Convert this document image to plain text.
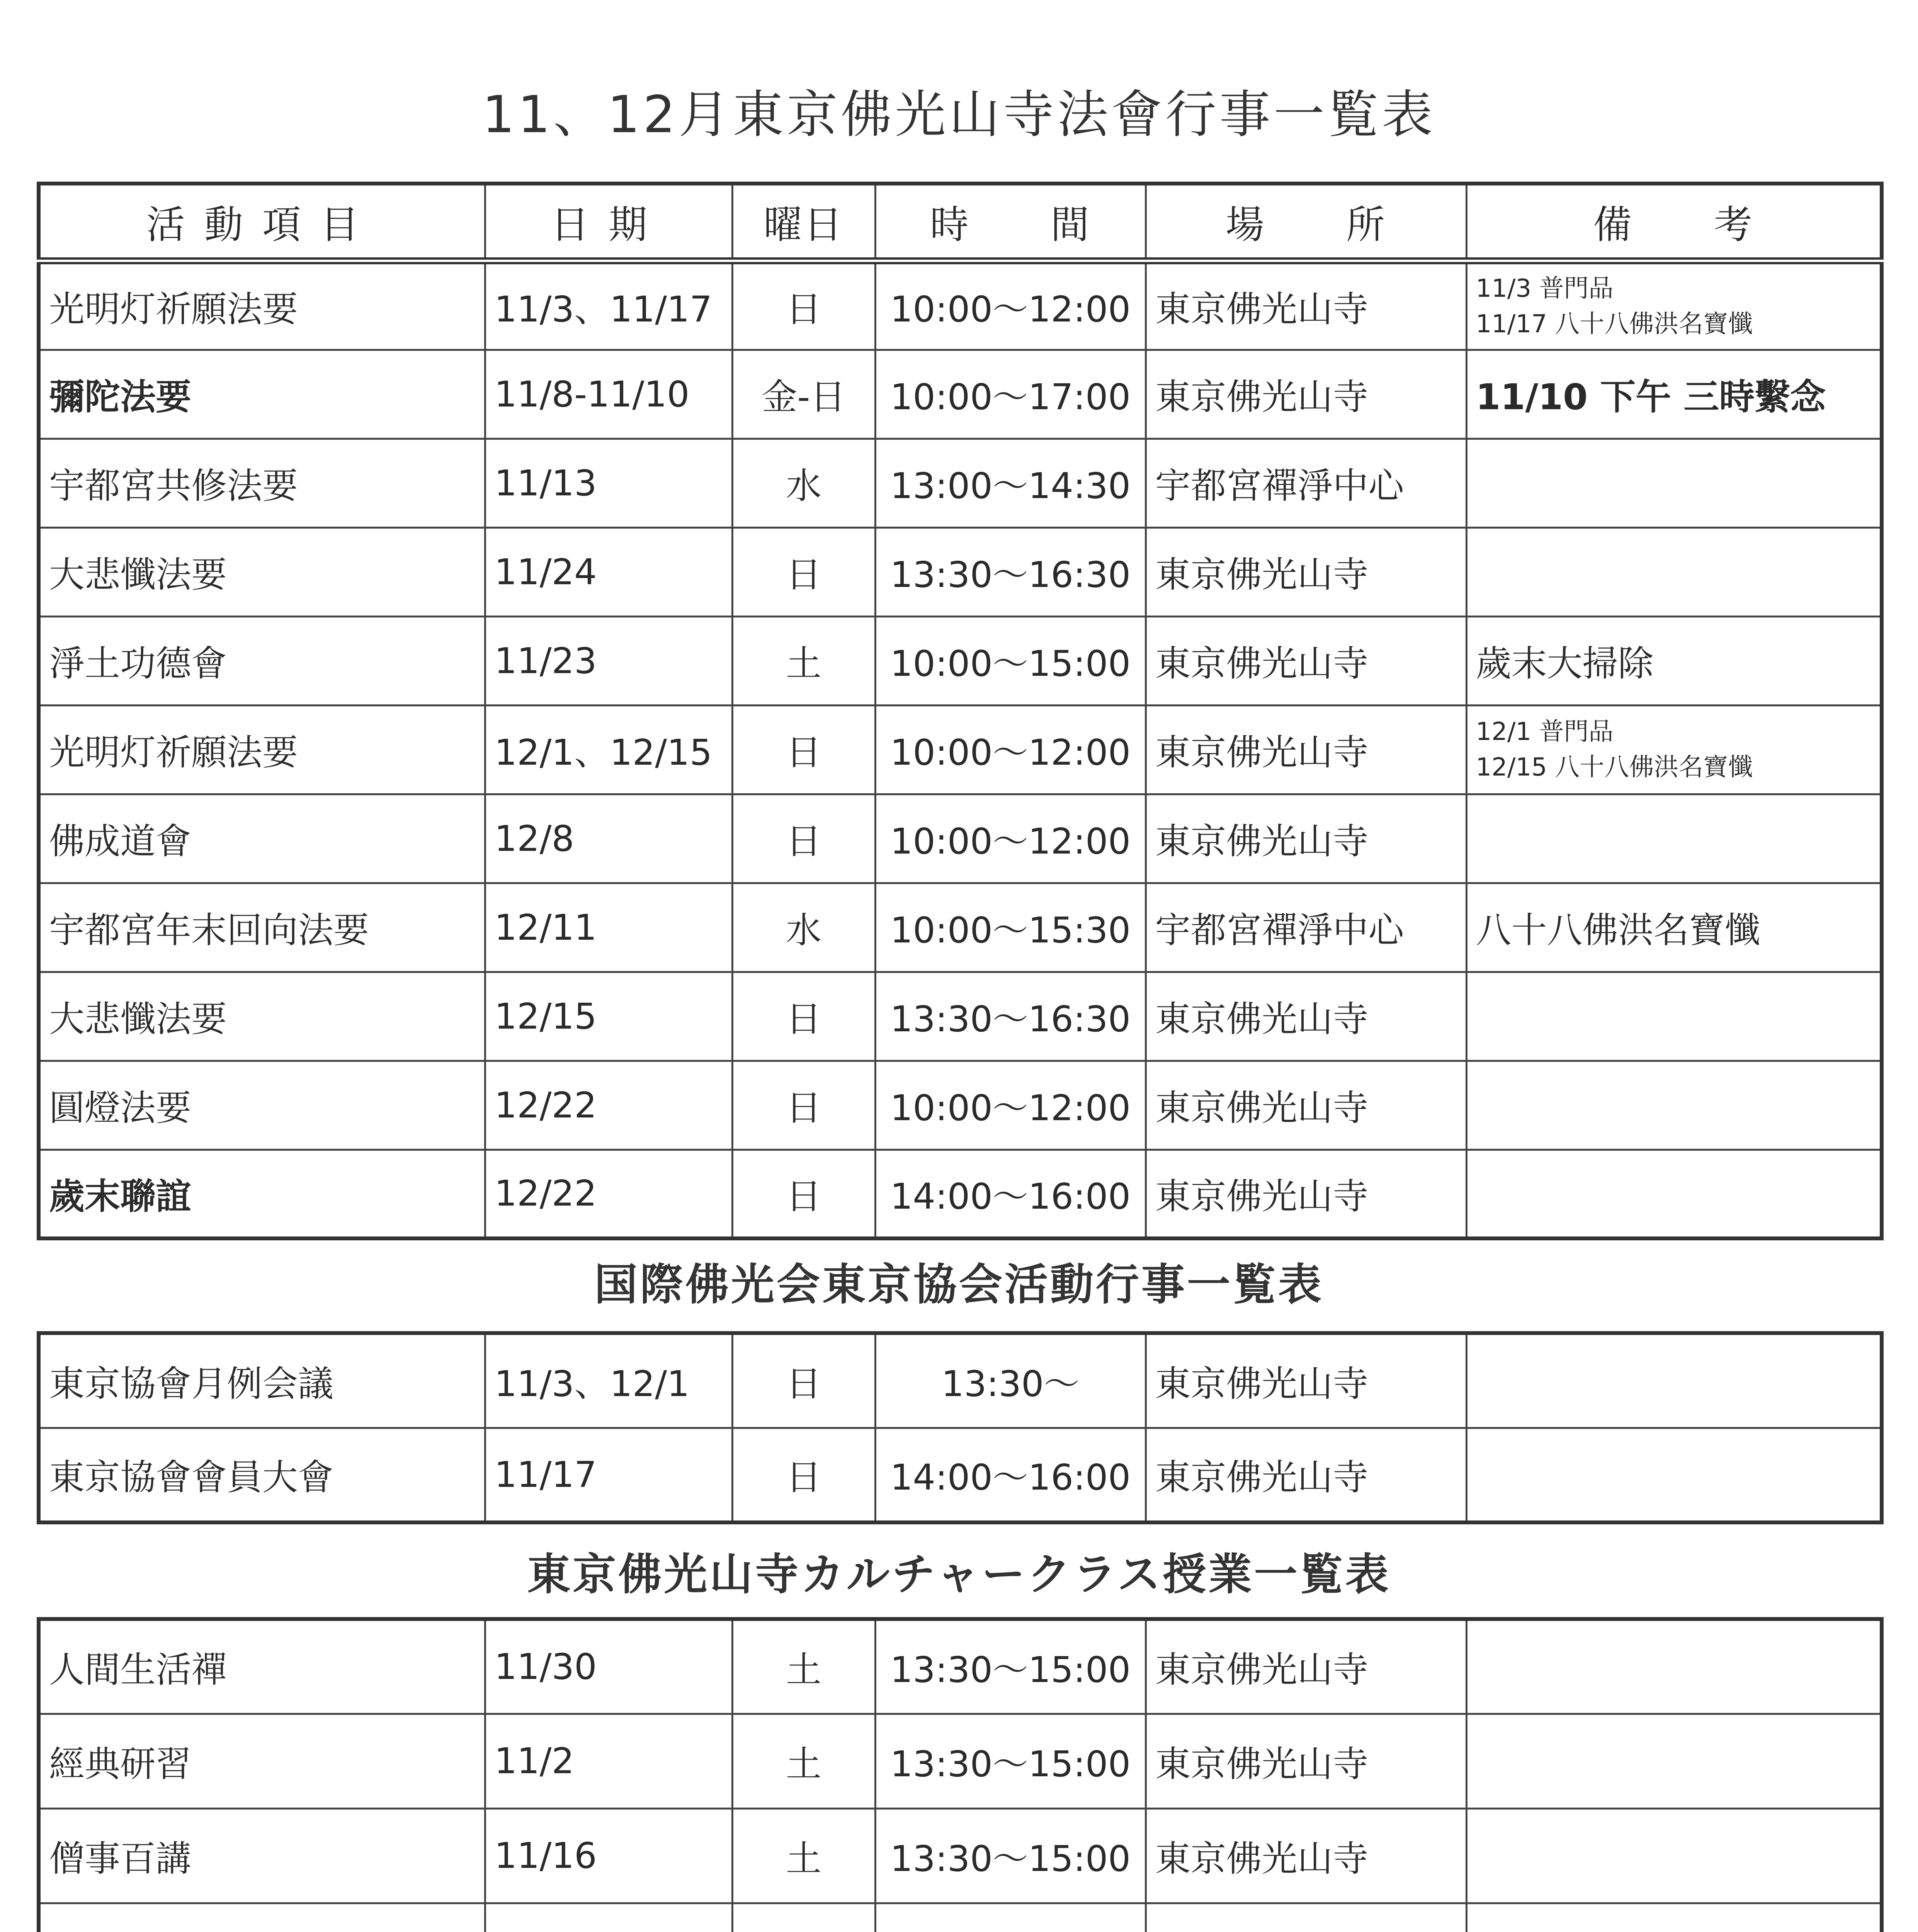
11、12月東京佛光山寺法會行事一覧表
活動項目	日期	曜日	時　　間	場　　所	備　　考
光明灯祈願法要	11/3、11/17	日	10:00～12:00	東京佛光山寺	11/3 普門品
11/17 八十八佛洪名寶懺
彌陀法要	11/8-11/10	金-日	10:00～17:00	東京佛光山寺	11/10 下午 三時繫念
宇都宮共修法要	11/13	水	13:00～14:30	宇都宮禪淨中心	
大悲懺法要	11/24	日	13:30～16:30	東京佛光山寺	
淨土功德會	11/23	土	10:00～15:00	東京佛光山寺	歲末大掃除
光明灯祈願法要	12/1、12/15	日	10:00～12:00	東京佛光山寺	12/1 普門品
12/15 八十八佛洪名寶懺
佛成道會	12/8	日	10:00～12:00	東京佛光山寺	
宇都宮年末回向法要	12/11	水	10:00～15:30	宇都宮禪淨中心	八十八佛洪名寶懺
大悲懺法要	12/15	日	13:30～16:30	東京佛光山寺	
圓燈法要	12/22	日	10:00～12:00	東京佛光山寺	
歲末聯誼	12/22	日	14:00～16:00	東京佛光山寺	
国際佛光会東京協会活動行事一覧表
東京協會月例会議	11/3、12/1	日	13:30～	東京佛光山寺	
東京協會會員大會	11/17	日	14:00～16:00	東京佛光山寺	
東京佛光山寺カルチャークラス授業一覧表
人間生活禪	11/30	土	13:30～15:00	東京佛光山寺	
經典研習	11/2	土	13:30～15:00	東京佛光山寺	
僧事百講	11/16	土	13:30～15:00	東京佛光山寺	
